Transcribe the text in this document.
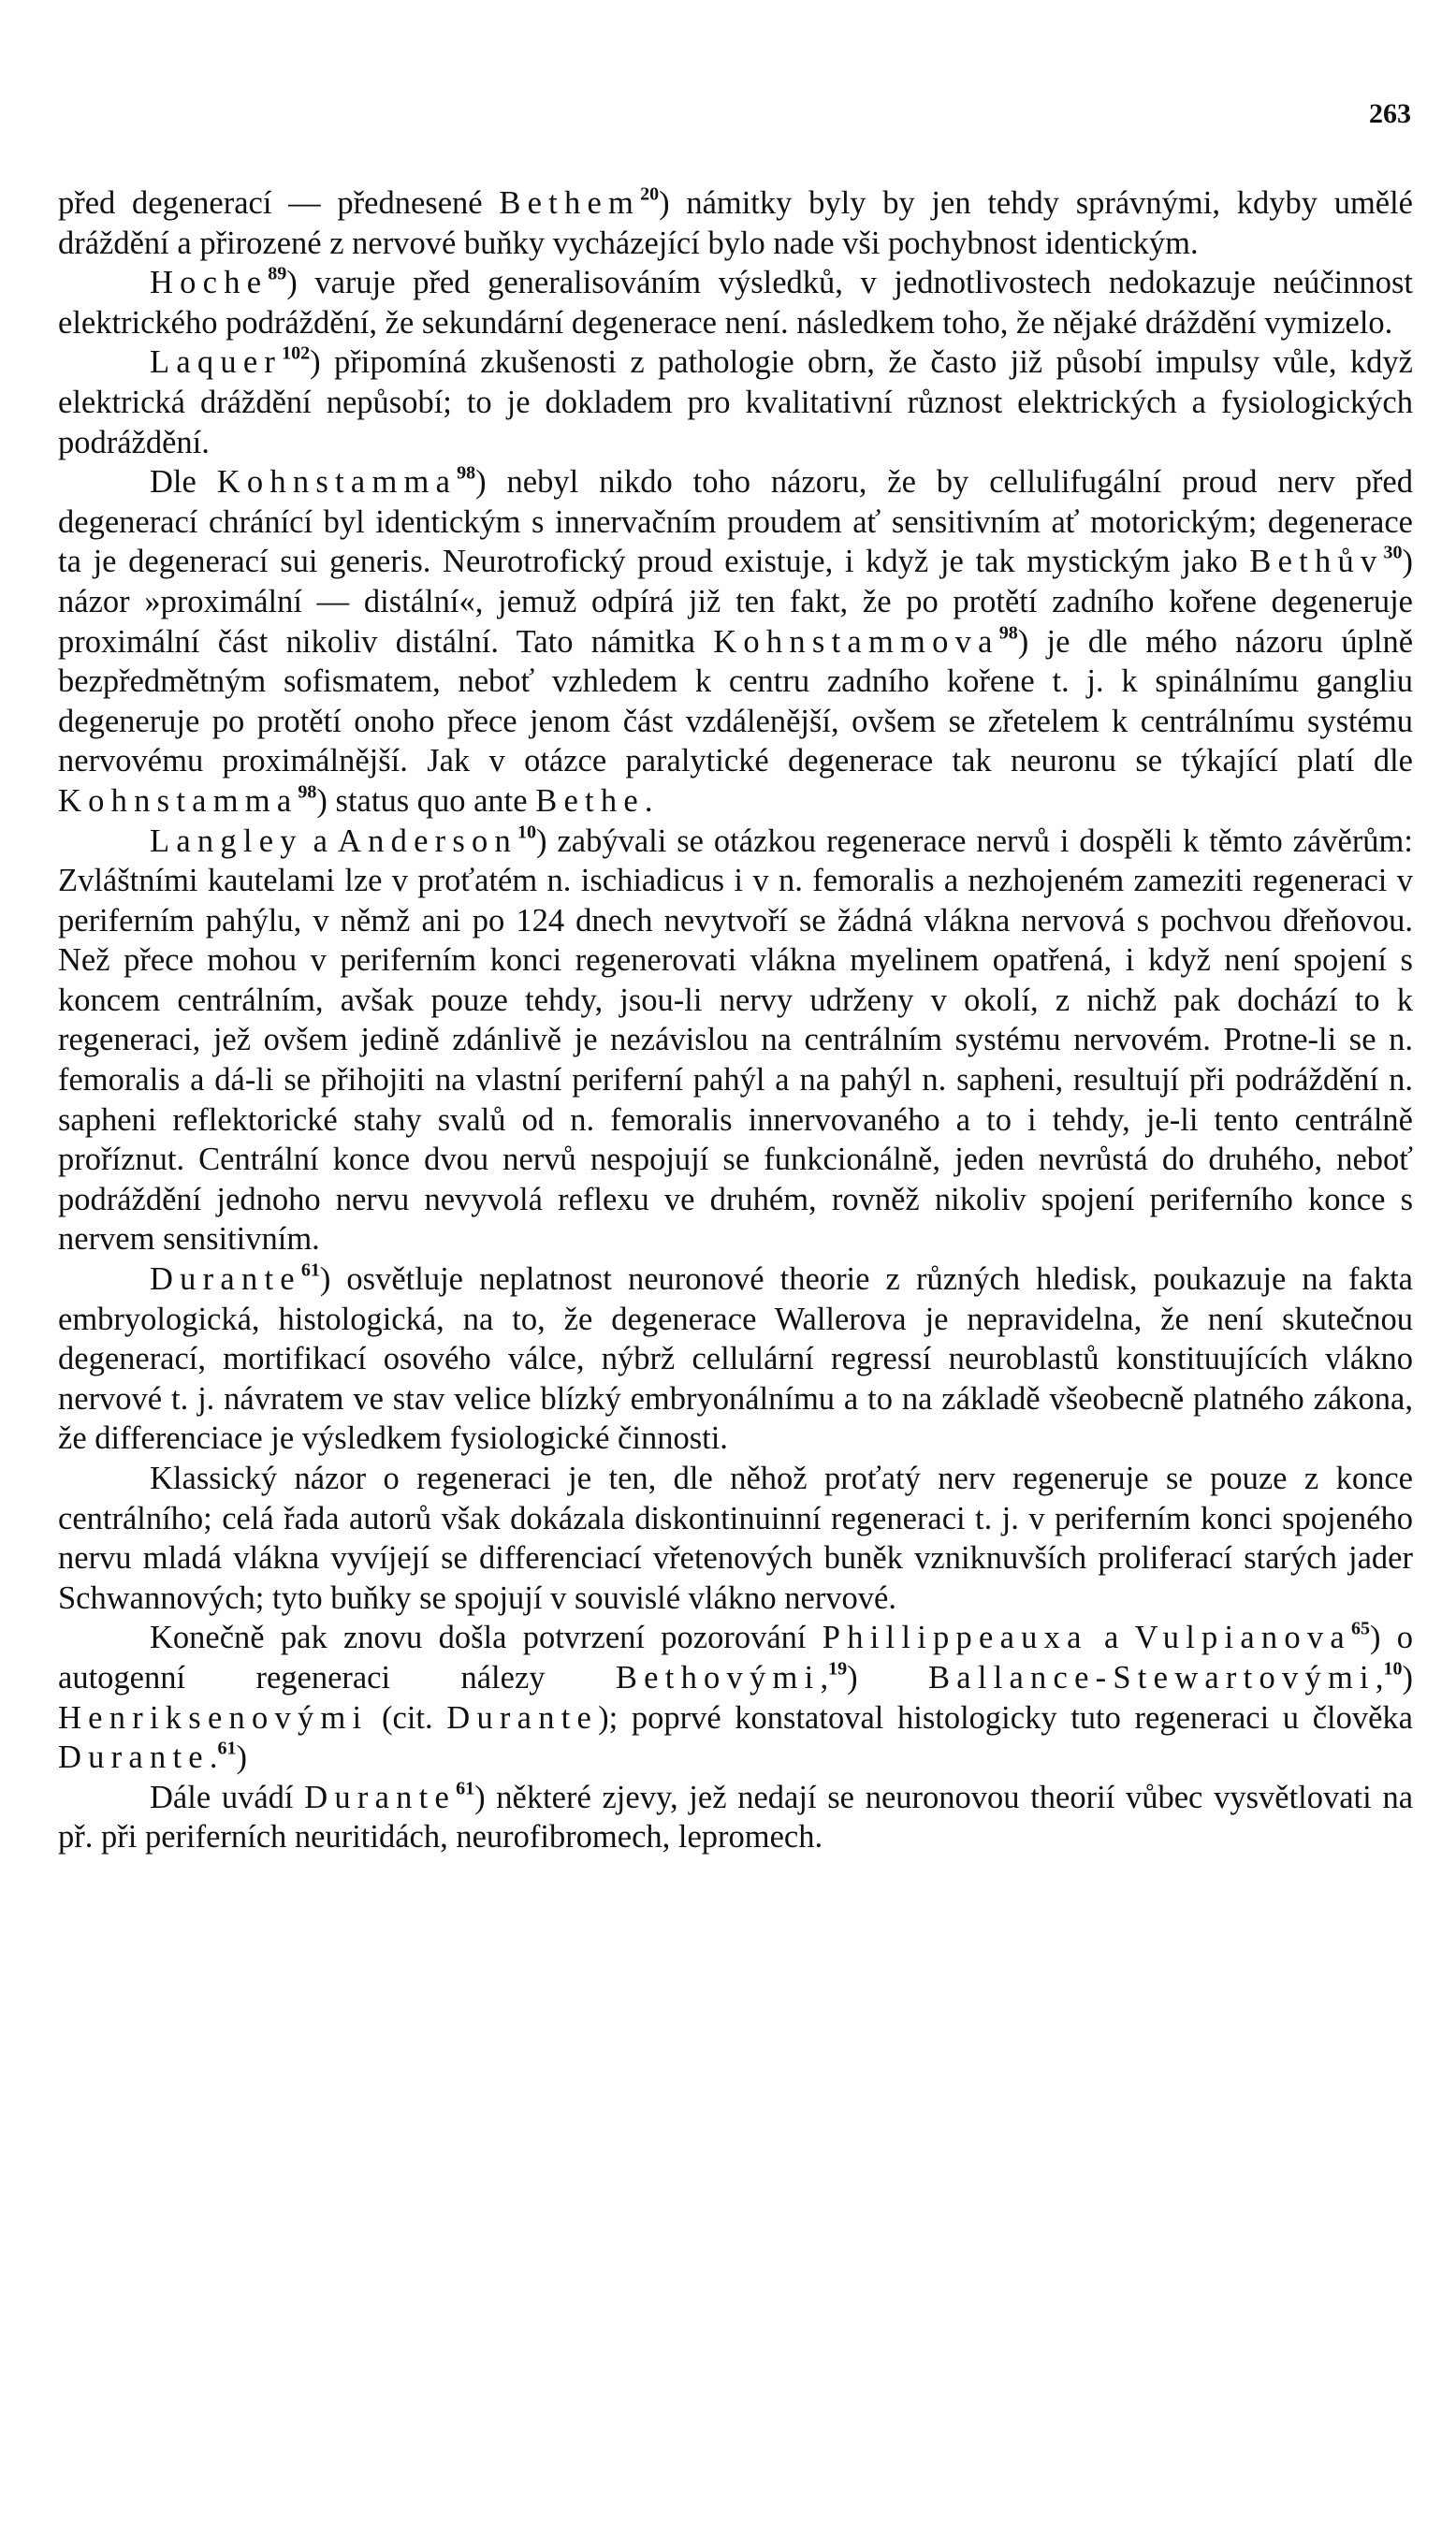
263

před degenerací — přednesené Bethem$^{20}$) námitky byly by jen tehdy správnými, kdyby umělé dráždění a přirozené z nervové buňky vycházející bylo nade vši pochybnost identickým.

Hoche$^{89}$) varuje před generalisováním výsledků, v jednotlivostech nedokazuje neúčinnost elektrického podráždění, že sekundární degenerace není. následkem toho, že nějaké dráždění vymizelo.

Laquer$^{102}$) připomíná zkušenosti z pathologie obrn, že často již působí impulsy vůle, když elektrická dráždění nepůsobí; to je dokladem pro kvalitativní různost elektrických a fysiologických podráždění.

Dle Kohnstamma$^{98}$) nebyl nikdo toho názoru, že by cellulifugální proud nerv před degenerací chránící byl identickým s innervačním proudem ať sensitivním ať motorickým; degenerace ta je degenerací sui generis. Neurotrofický proud existuje, i když je tak mystickým jako Bethův$^{30}$) názor »proximální — distální«, jemuž odpírá již ten fakt, že po protětí zadního kořene degeneruje proximální část nikoliv distální. Tato námitka Kohnstammova$^{98}$) je dle mého názoru úplně bezpředmětným sofismatem, neboť vzhledem k centru zadního kořene t. j. k spinálnímu gangliu degeneruje po protětí onoho přece jenom část vzdálenější, ovšem se zřetelem k centrálnímu systému nervovému proximálnější. Jak v otázce paralytické degenerace tak neuronu se týkající platí dle Kohnstamma$^{98}$) status quo ante Bethe.

Langley a Anderson$^{10}$) zabývali se otázkou regenerace nervů i dospěli k těmto závěrům: Zvláštními kautelami lze v proťatém n. ischiadicus i v n. femoralis a nezhojeném zameziti regeneraci v periferním pahýlu, v němž ani po 124 dnech nevytvoří se žádná vlákna nervová s pochvou dřeňovou. Než přece mohou v periferním konci regenerovati vlákna myelinem opatřená, i když není spojení s koncem centrálním, avšak pouze tehdy, jsou-li nervy udrženy v okolí, z nichž pak dochází to k regeneraci, jež ovšem jedině zdánlivě je nezávislou na centrálním systému nervovém. Protne-li se n. femoralis a dá-li se přihojiti na vlastní periferní pahýl a na pahýl n. sapheni, resultují při podráždění n. sapheni reflektorické stahy svalů od n. femoralis innervovaného a to i tehdy, je-li tento centrálně proříznut. Centrální konce dvou nervů nespojují se funkcionálně, jeden nevrůstá do druhého, neboť podráždění jednoho nervu nevyvolá reflexu ve druhém, rovněž nikoliv spojení periferního konce s nervem sensitivním.

Durante$^{61}$) osvětluje neplatnost neuronové theorie z různých hledisk, poukazuje na fakta embryologická, histologická, na to, že degenerace Wallerova je nepravidelna, že není skutečnou degenerací, mortifikací osového válce, nýbrž cellulární regressí neuroblastů konstituujících vlákno nervové t. j. návratem ve stav velice blízký embryonálnímu a to na základě všeobecně platného zákona, že differenciace je výsledkem fysiologické činnosti.

Klassický názor o regeneraci je ten, dle něhož proťatý nerv regeneruje se pouze z konce centrálního; celá řada autorů však dokázala diskontinuinní regeneraci t. j. v periferním konci spojeného nervu mladá vlákna vyvíjejí se differenciací vřetenových buněk vzniknuvších proliferací starých jader Schwannových; tyto buňky se spojují v souvislé vlákno nervové.

Konečně pak znovu došla potvrzení pozorování Phillippeauxa a Vulpianova$^{65}$) o autogenní regeneraci nálezy Bethovými,$^{19}$) Ballance-Stewartovými,$^{10}$) Henriksenovými (cit. Durante); poprvé konstatoval histologicky tuto regeneraci u člověka Durante.$^{61}$)

Dále uvádí Durante$^{61}$) některé zjevy, jež nedají se neuronovou theorií vůbec vysvětlovati na př. při periferních neuritidách, neurofibromech, lepromech.
